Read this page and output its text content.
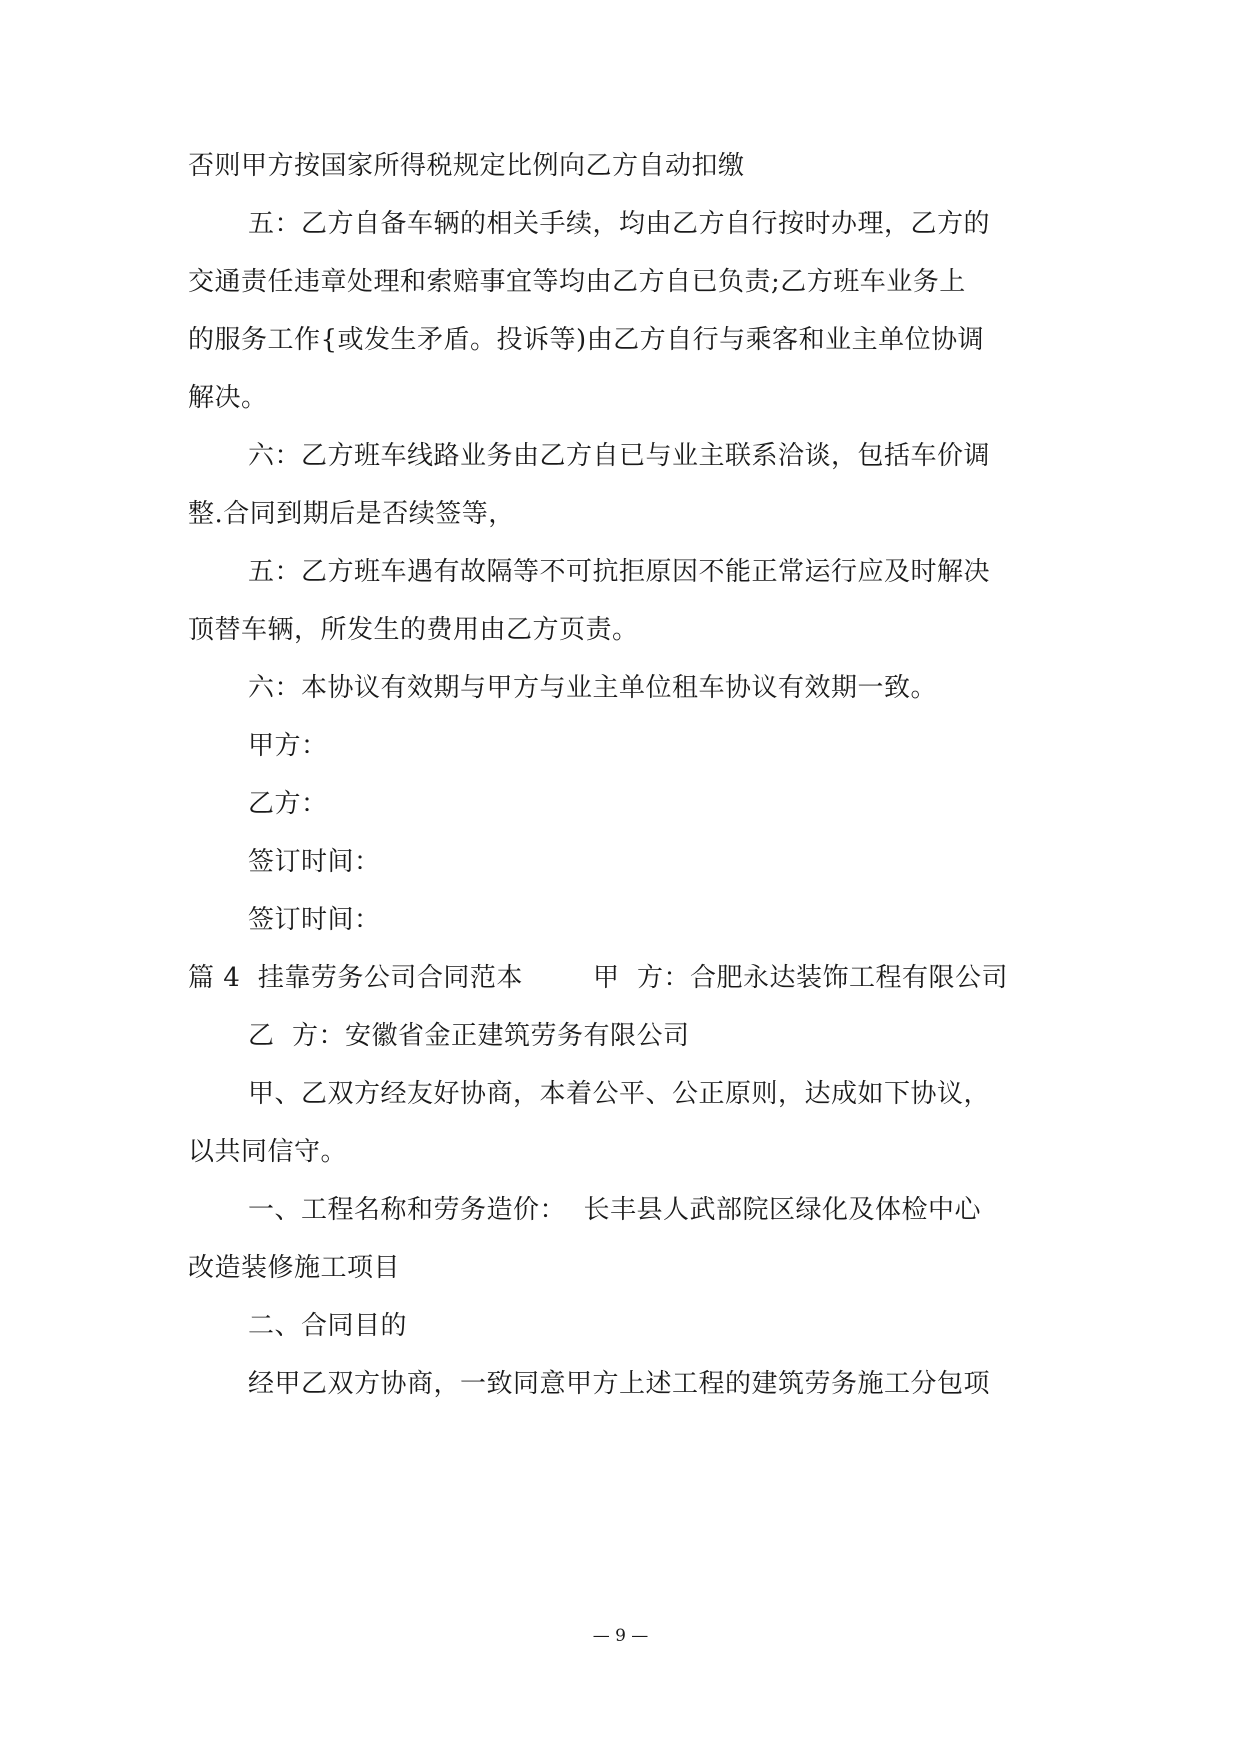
否则甲方按国家所得税规定比例向乙方自动扣缴
五：乙方自备车辆的相关手续，均由乙方自行按时办理，乙方的
交通责任违章处理和索赔事宜等均由乙方自已负责;乙方班车业务上
的服务工作{或发生矛盾。投诉等)由乙方自行与乘客和业主单位协调
解决。
六：乙方班车线路业务由乙方自已与业主联系洽谈，包括车价调
整.合同到期后是否续签等，
五：乙方班车遇有故隔等不可抗拒原因不能正常运行应及时解决
顶替车辆，所发生的费用由乙方页责。
六：本协议有效期与甲方与业主单位租车协议有效期一致。
甲方：
乙方：
签订时间：
签订时间：
篇 4  挂靠劳务公司合同范本        甲  方：合肥永达装饰工程有限公司
乙  方：安徽省金正建筑劳务有限公司
甲、乙双方经友好协商，本着公平、公正原则，达成如下协议，
以共同信守。
一、工程名称和劳务造价：  长丰县人武部院区绿化及体检中心
改造装修施工项目
二、合同目的
经甲乙双方协商，一致同意甲方上述工程的建筑劳务施工分包项
— 9 —
